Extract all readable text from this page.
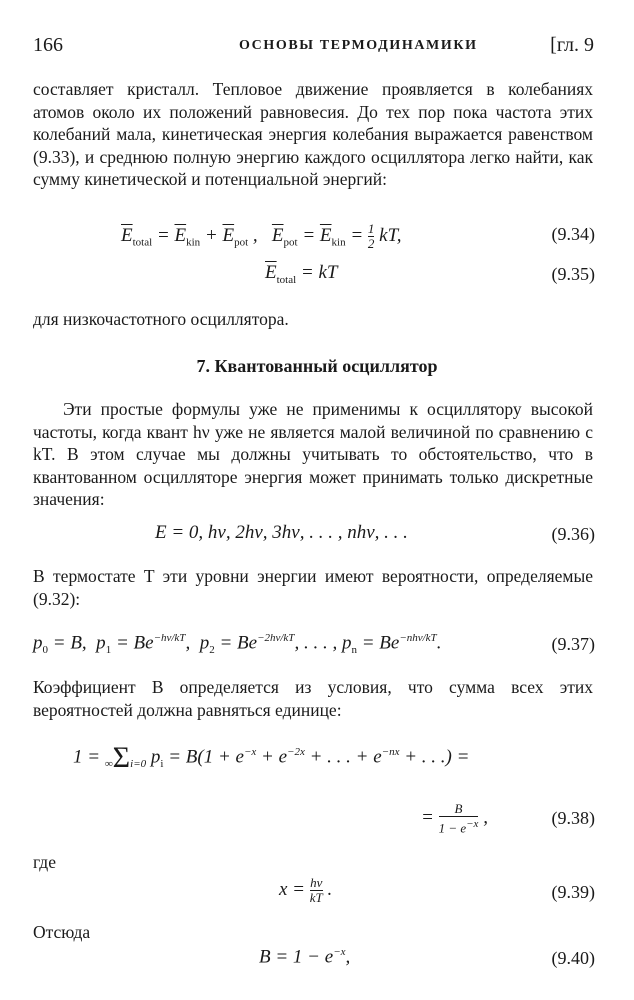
166	ОСНОВЫ ТЕРМОДИНАМИКИ	[гл. 9
составляет кристалл. Тепловое движение проявляется в колебаниях атомов около их положений равновесия. До тех пор пока частота этих колебаний мала, кинетическая энергия колебания выражается равенством (9.33), и среднюю полную энергию каждого осциллятора легко найти, как сумму кинетической и потенциальной энергий:
$\overline{E}_{total} = \overline{E}_{kin} + \overline{E}_{pot}$ ,   $\overline{E}_{pot} = \overline{E}_{kin} = \frac{1}{2}$ kT,	(9.34)
$\overline{E}_{total}$ = kT	(9.35)
для низкочастотного осциллятора.
7. Квантованный осциллятор
Эти простые формулы уже не применимы к осциллятору высокой частоты, когда квант hν уже не является малой величиной по сравнению с kT. В этом случае мы должны учитывать то обстоятельство, что в квантованном осцилляторе энергия может принимать только дискретные значения:
E = 0, hν, 2hν, 3hν, . . . , nhν, . . .	(9.36)
В термостате T эти уровни энергии имеют вероятности, определяемые (9.32):
$p_0 = B$,  $p_1 = Be^{-h\nu/kT}$,  $p_2 = Be^{-2h\nu/kT}$, . . . , $p_n = Be^{-nh\nu/kT}$.	(9.37)
Коэффициент B определяется из условия, что сумма всех этих вероятностей должна равняться единице:
1 = ∞Σi=0 $p_i = B(1 + e^{-x} + e^{-2x}$ + . . . + $e^{-nx}$ + . . .) =
= $\frac{B}{1 - e^{-x}}$ ,	(9.38)
где
$x = \frac{h\nu}{kT}$ .	(9.39)
Отсюда
$B = 1 - e^{-x}$,	(9.40)
